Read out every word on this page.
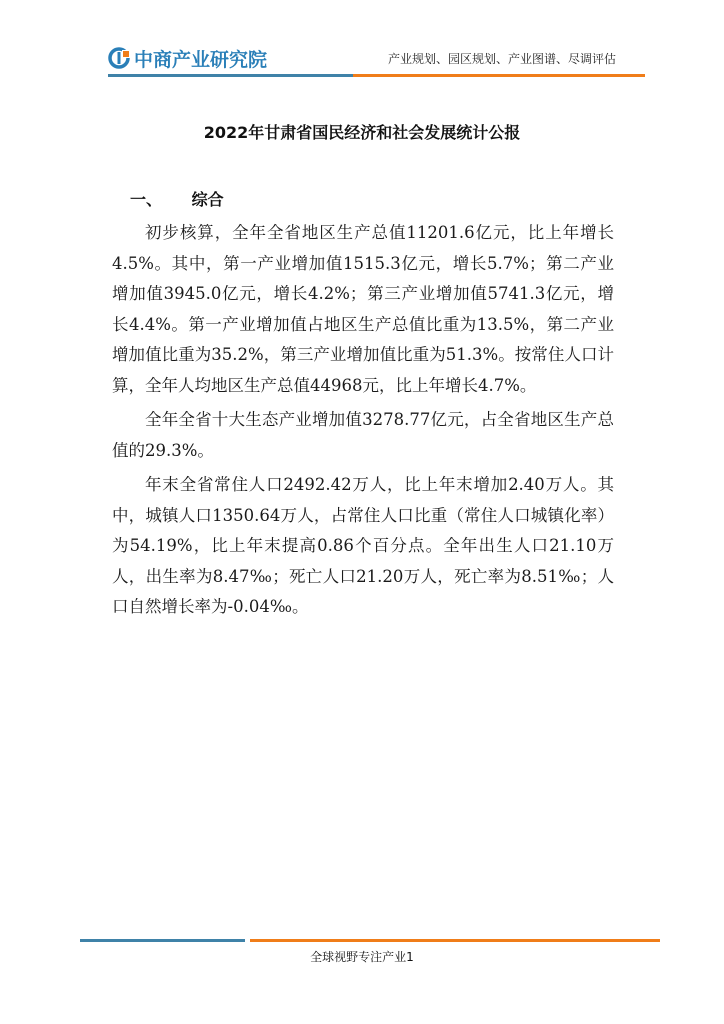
中商产业研究院	产业规划、园区规划、产业图谱、尽调评估
2022年甘肃省国民经济和社会发展统计公报
一、 综合

初步核算，全年全省地区生产总值11201.6亿元，比上年增长4.5%。其中，第一产业增加值1515.3亿元，增长5.7%；第二产业增加值3945.0亿元，增长4.2%；第三产业增加值5741.3亿元，增长4.4%。第一产业增加值占地区生产总值比重为13.5%，第二产业增加值比重为35.2%，第三产业增加值比重为51.3%。按常住人口计算，全年人均地区生产总值44968元，比上年增长4.7%。

全年全省十大生态产业增加值3278.77亿元，占全省地区生产总值的29.3%。

年末全省常住人口2492.42万人，比上年末增加2.40万人。其中，城镇人口1350.64万人，占常住人口比重（常住人口城镇化率）为54.19%，比上年末提高0.86个百分点。全年出生人口21.10万人，出生率为8.47‰；死亡人口21.20万人，死亡率为8.51‰；人口自然增长率为-0.04‰。

全球视野专注产业1
